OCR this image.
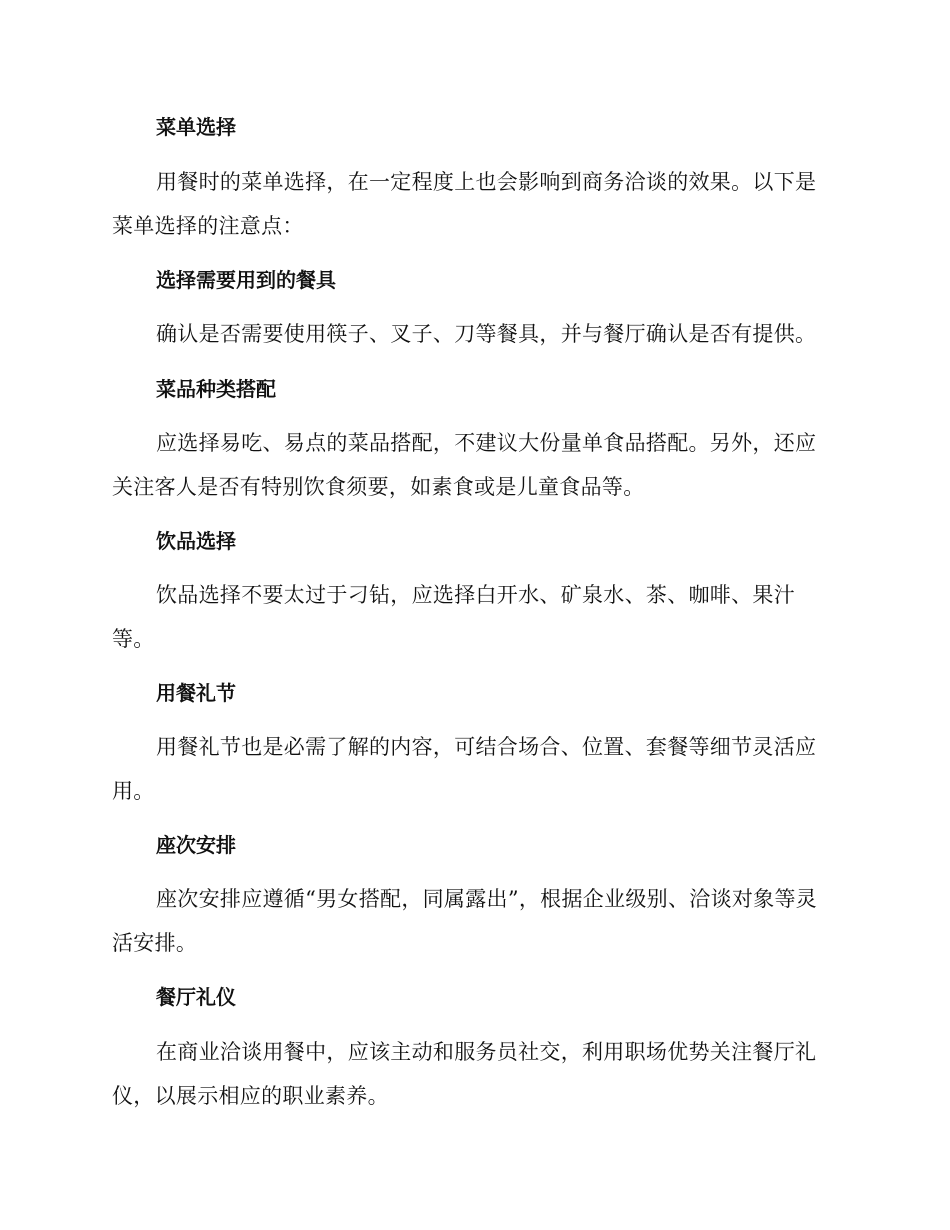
菜单选择
用餐时的菜单选择，在一定程度上也会影响到商务洽谈的效果。以下是菜单选择的注意点：
选择需要用到的餐具
确认是否需要使用筷子、叉子、刀等餐具，并与餐厅确认是否有提供。
菜品种类搭配
应选择易吃、易点的菜品搭配，不建议大份量单食品搭配。另外，还应关注客人是否有特别饮食须要，如素食或是儿童食品等。
饮品选择
饮品选择不要太过于刁钻，应选择白开水、矿泉水、茶、咖啡、果汁等。
用餐礼节
用餐礼节也是必需了解的内容，可结合场合、位置、套餐等细节灵活应用。
座次安排
座次安排应遵循“男女搭配，同属露出”，根据企业级别、洽谈对象等灵活安排。
餐厅礼仪
在商业洽谈用餐中，应该主动和服务员社交，利用职场优势关注餐厅礼仪，以展示相应的职业素养。
